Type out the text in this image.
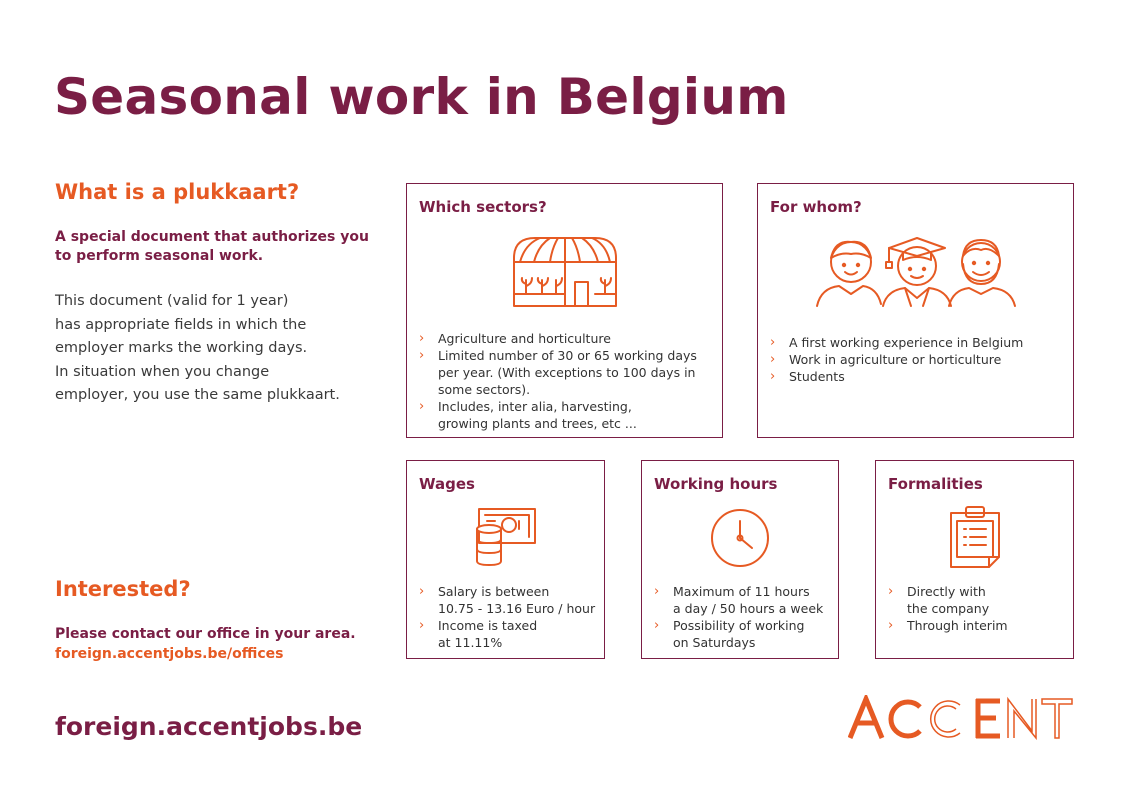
Seasonal work in Belgium
What is a plukkaart?
A special document that authorizes you to perform seasonal work.
This document (valid for 1 year)
has appropriate fields in which the
employer marks the working days.
In situation when you change
employer, you use the same plukkaart.
Interested?
Please contact our office in your area.
foreign.accentjobs.be/offices
foreign.accentjobs.be
Which sectors?
› Agriculture and horticulture
› Limited number of 30 or 65 working days
per year. (With exceptions to 100 days in
some sectors).
› Includes, inter alia, harvesting,
growing plants and trees, etc ...
For whom?
› A first working experience in Belgium
› Work in agriculture or horticulture
› Students
Wages
› Salary is between
10.75 - 13.16 Euro / hour
› Income is taxed
at 11.11%
Working hours
› Maximum of 11 hours
a day / 50 hours a week
› Possibility of working
on Saturdays
Formalities
› Directly with
the company
› Through interim
